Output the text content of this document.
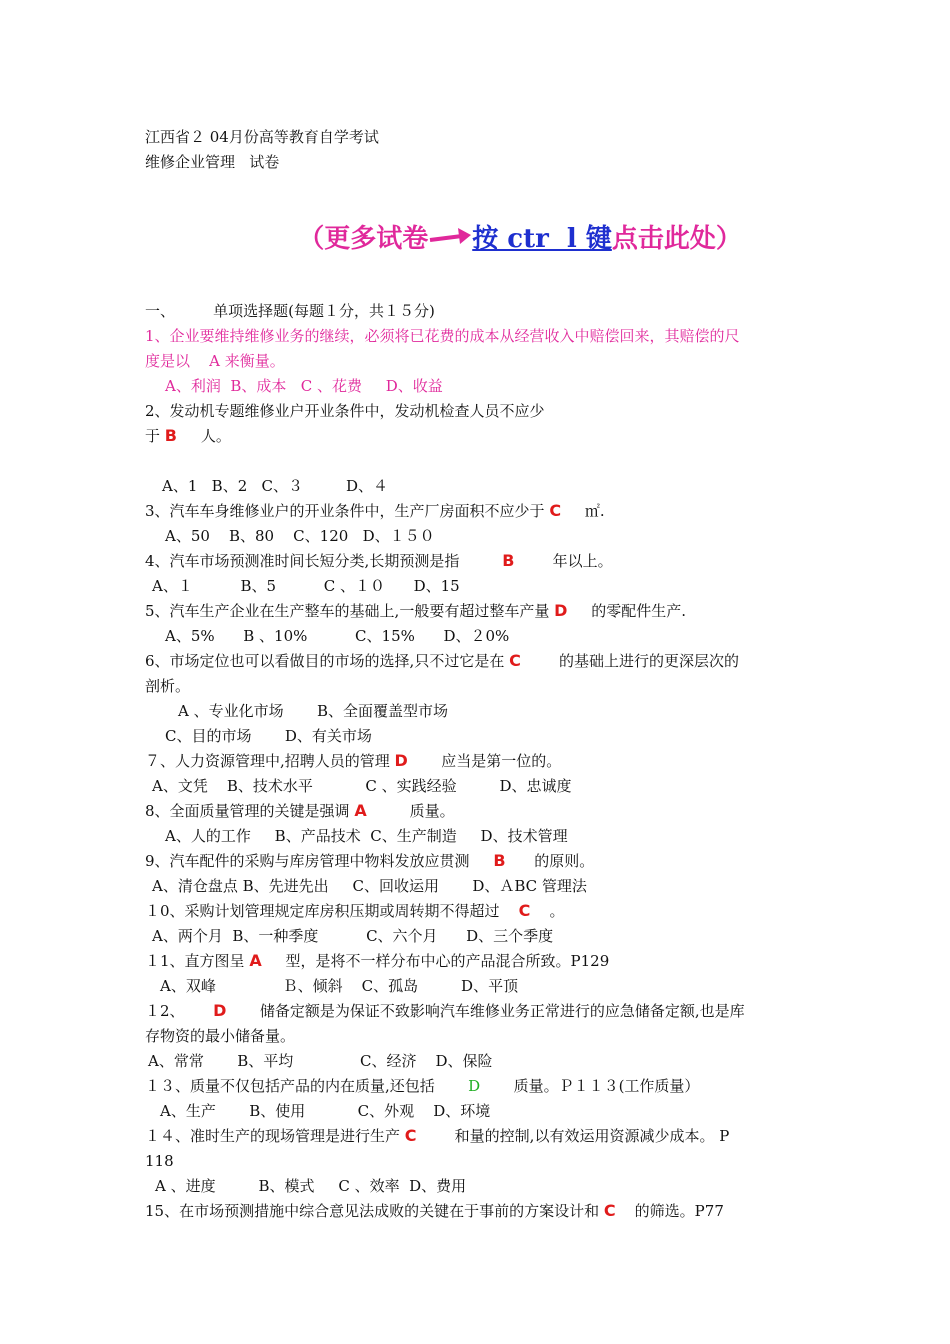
江西省２ 04月份高等教育自学考试
维修企业管理   试卷

（更多试卷 按 ctr  l 键点击此处）

一、        单项选择题(每题１分，共１５分)
1、企业要维持维修业务的继续，必须将已花费的成本从经营收入中赔偿回来，其赔偿的尺
度是以    A 来衡量。
A、利润  B、成本   C 、花费     D、收益
2、发动机专题维修业户开业条件中，发动机检查人员不应少
于 B     人。
A、1   B、2   C、３         D、４
3、汽车车身维修业户的开业条件中，生产厂房面积不应少于 C     ㎡.
A、50    B、80    C、120   D、１５０
4、汽车市场预测准时间长短分类,长期预测是指         B        年以上。
A、１          B、5          C 、１０      D、15
5、汽车生产企业在生产整车的基础上,一般要有超过整车产量 D     的零配件生产.
A、5%      B 、10%          C、15%      D、２0%
6、市场定位也可以看做目的市场的选择,只不过它是在 C        的基础上进行的更深层次的
剖析。
A 、专业化市场       B、全面覆盖型市场
C、目的市场       D、有关市场
７、人力资源管理中,招聘人员的管理 D       应当是第一位的。
A、文凭    B、技术水平           C 、实践经验         D、忠诚度
8、全面质量管理的关键是强调 A         质量。
A、人的工作     B、产品技术  C、生产制造     D、技术管理
9、汽车配件的采购与库房管理中物料发放应贯测     B      的原则。
A、清仓盘点 B、先进先出     C、回收运用       D、ＡBC 管理法
１0、采购计划管理规定库房积压期或周转期不得超过    C    。
A、两个月  B、一种季度          C、六个月      D、三个季度
１1、直方图呈 A     型，是将不一样分布中心的产品混合所致。P129
A、双峰              Ｂ、倾斜    C、孤岛         D、平顶
１2、      D       储备定额是为保证不致影响汽车维修业务正常进行的应急储备定额,也是库
存物资的最小储备量。
A、常常       B、平均              C、经济    D、保险
１３、质量不仅包括产品的内在质量,还包括       D       质量。Ｐ１１３(工作质量）
A、生产       B、使用           C、外观    D、环境
１４、准时生产的现场管理是进行生产 C        和量的控制,以有效运用资源减少成本。 P
118
A 、进度         B、模式     C 、效率  D、费用
15、在市场预测措施中综合意见法成败的关键在于事前的方案设计和 C    的筛选。P77
